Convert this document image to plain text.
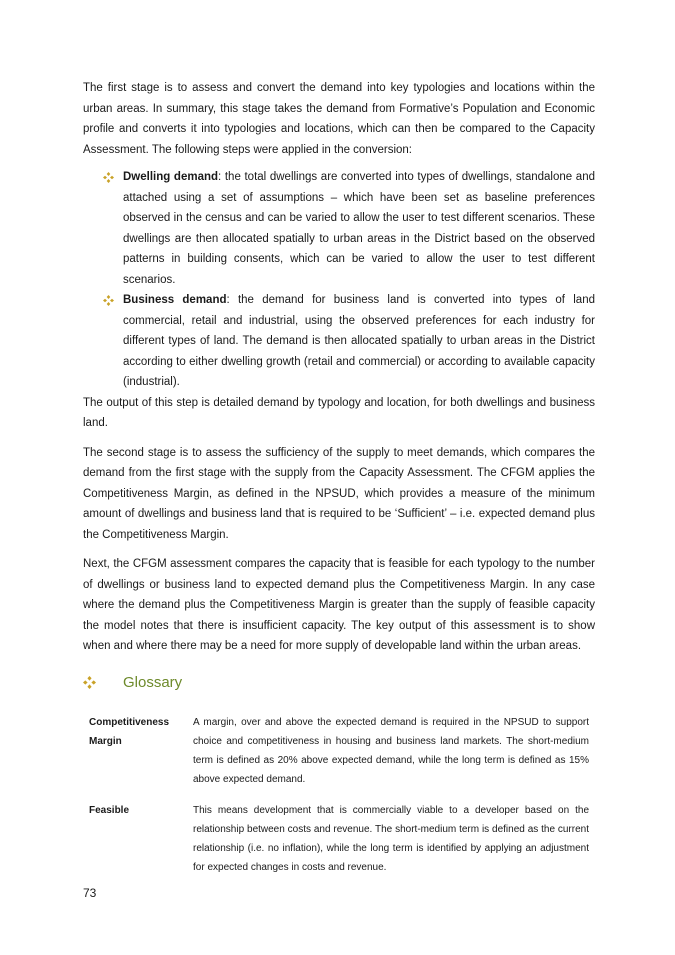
The first stage is to assess and convert the demand into key typologies and locations within the urban areas. In summary, this stage takes the demand from Formative’s Population and Economic profile and converts it into typologies and locations, which can then be compared to the Capacity Assessment. The following steps were applied in the conversion:

Dwelling demand: the total dwellings are converted into types of dwellings, standalone and attached using a set of assumptions – which have been set as baseline preferences observed in the census and can be varied to allow the user to test different scenarios. These dwellings are then allocated spatially to urban areas in the District based on the observed patterns in building consents, which can be varied to allow the user to test different scenarios.
Business demand: the demand for business land is converted into types of land commercial, retail and industrial, using the observed preferences for each industry for different types of land. The demand is then allocated spatially to urban areas in the District according to either dwelling growth (retail and commercial) or according to available capacity (industrial).

The output of this step is detailed demand by typology and location, for both dwellings and business land.

The second stage is to assess the sufficiency of the supply to meet demands, which compares the demand from the first stage with the supply from the Capacity Assessment. The CFGM applies the Competitiveness Margin, as defined in the NPSUD, which provides a measure of the minimum amount of dwellings and business land that is required to be ‘Sufficient’ – i.e. expected demand plus the Competitiveness Margin.

Next, the CFGM assessment compares the capacity that is feasible for each typology to the number of dwellings or business land to expected demand plus the Competitiveness Margin. In any case where the demand plus the Competitiveness Margin is greater than the supply of feasible capacity the model notes that there is insufficient capacity. The key output of this assessment is to show when and where there may be a need for more supply of developable land within the urban areas.

Glossary
Competitiveness
Margin
A margin, over and above the expected demand is required in the NPSUD to support choice and competitiveness in housing and business land markets. The short-medium term is defined as 20% above expected demand, while the long term is defined as 15% above expected demand.
Feasible	This means development that is commercially viable to a developer based on the relationship between costs and revenue. The short-medium term is defined as the current relationship (i.e. no inflation), while the long term is identified by applying an adjustment for expected changes in costs and revenue.
73
